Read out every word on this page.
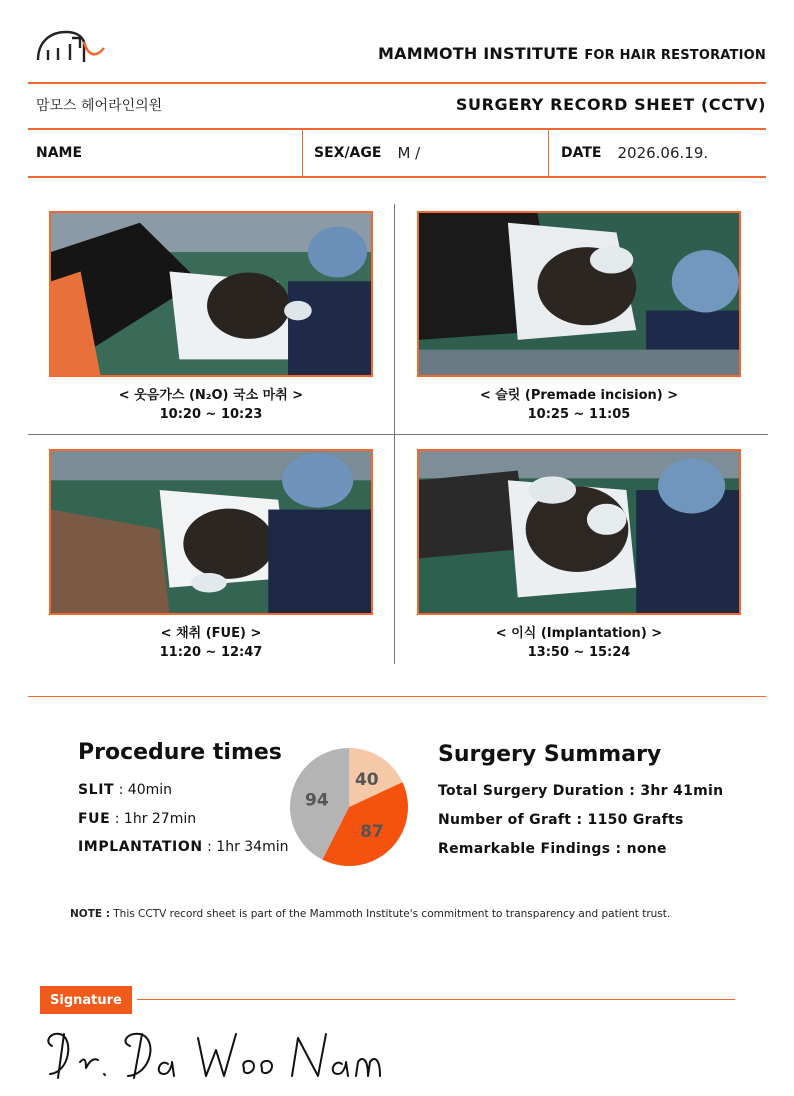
MAMMOTH INSTITUTE FOR HAIR RESTORATION
맘모스 헤어라인의원	SURGERY RECORD SHEET (CCTV)
NAME	SEX/AGE M /	DATE 2026.06.19.
< 웃음가스 (N₂O) 국소 마취 >
10:20 ~ 10:23
< 슬릿 (Premade incision) >
10:25 ~ 11:05
< 채취 (FUE) >
11:20 ~ 12:47
< 이식 (Implantation) >
13:50 ~ 15:24
Procedure times
SLIT : 40min
FUE : 1hr 27min
IMPLANTATION : 1hr 34min
40
87
94
Surgery Summary
Total Surgery Duration : 3hr 41min
Number of Graft : 1150 Grafts
Remarkable Findings : none
NOTE : This CCTV record sheet is part of the Mammoth Institute's commitment to transparency and patient trust.
Signature
